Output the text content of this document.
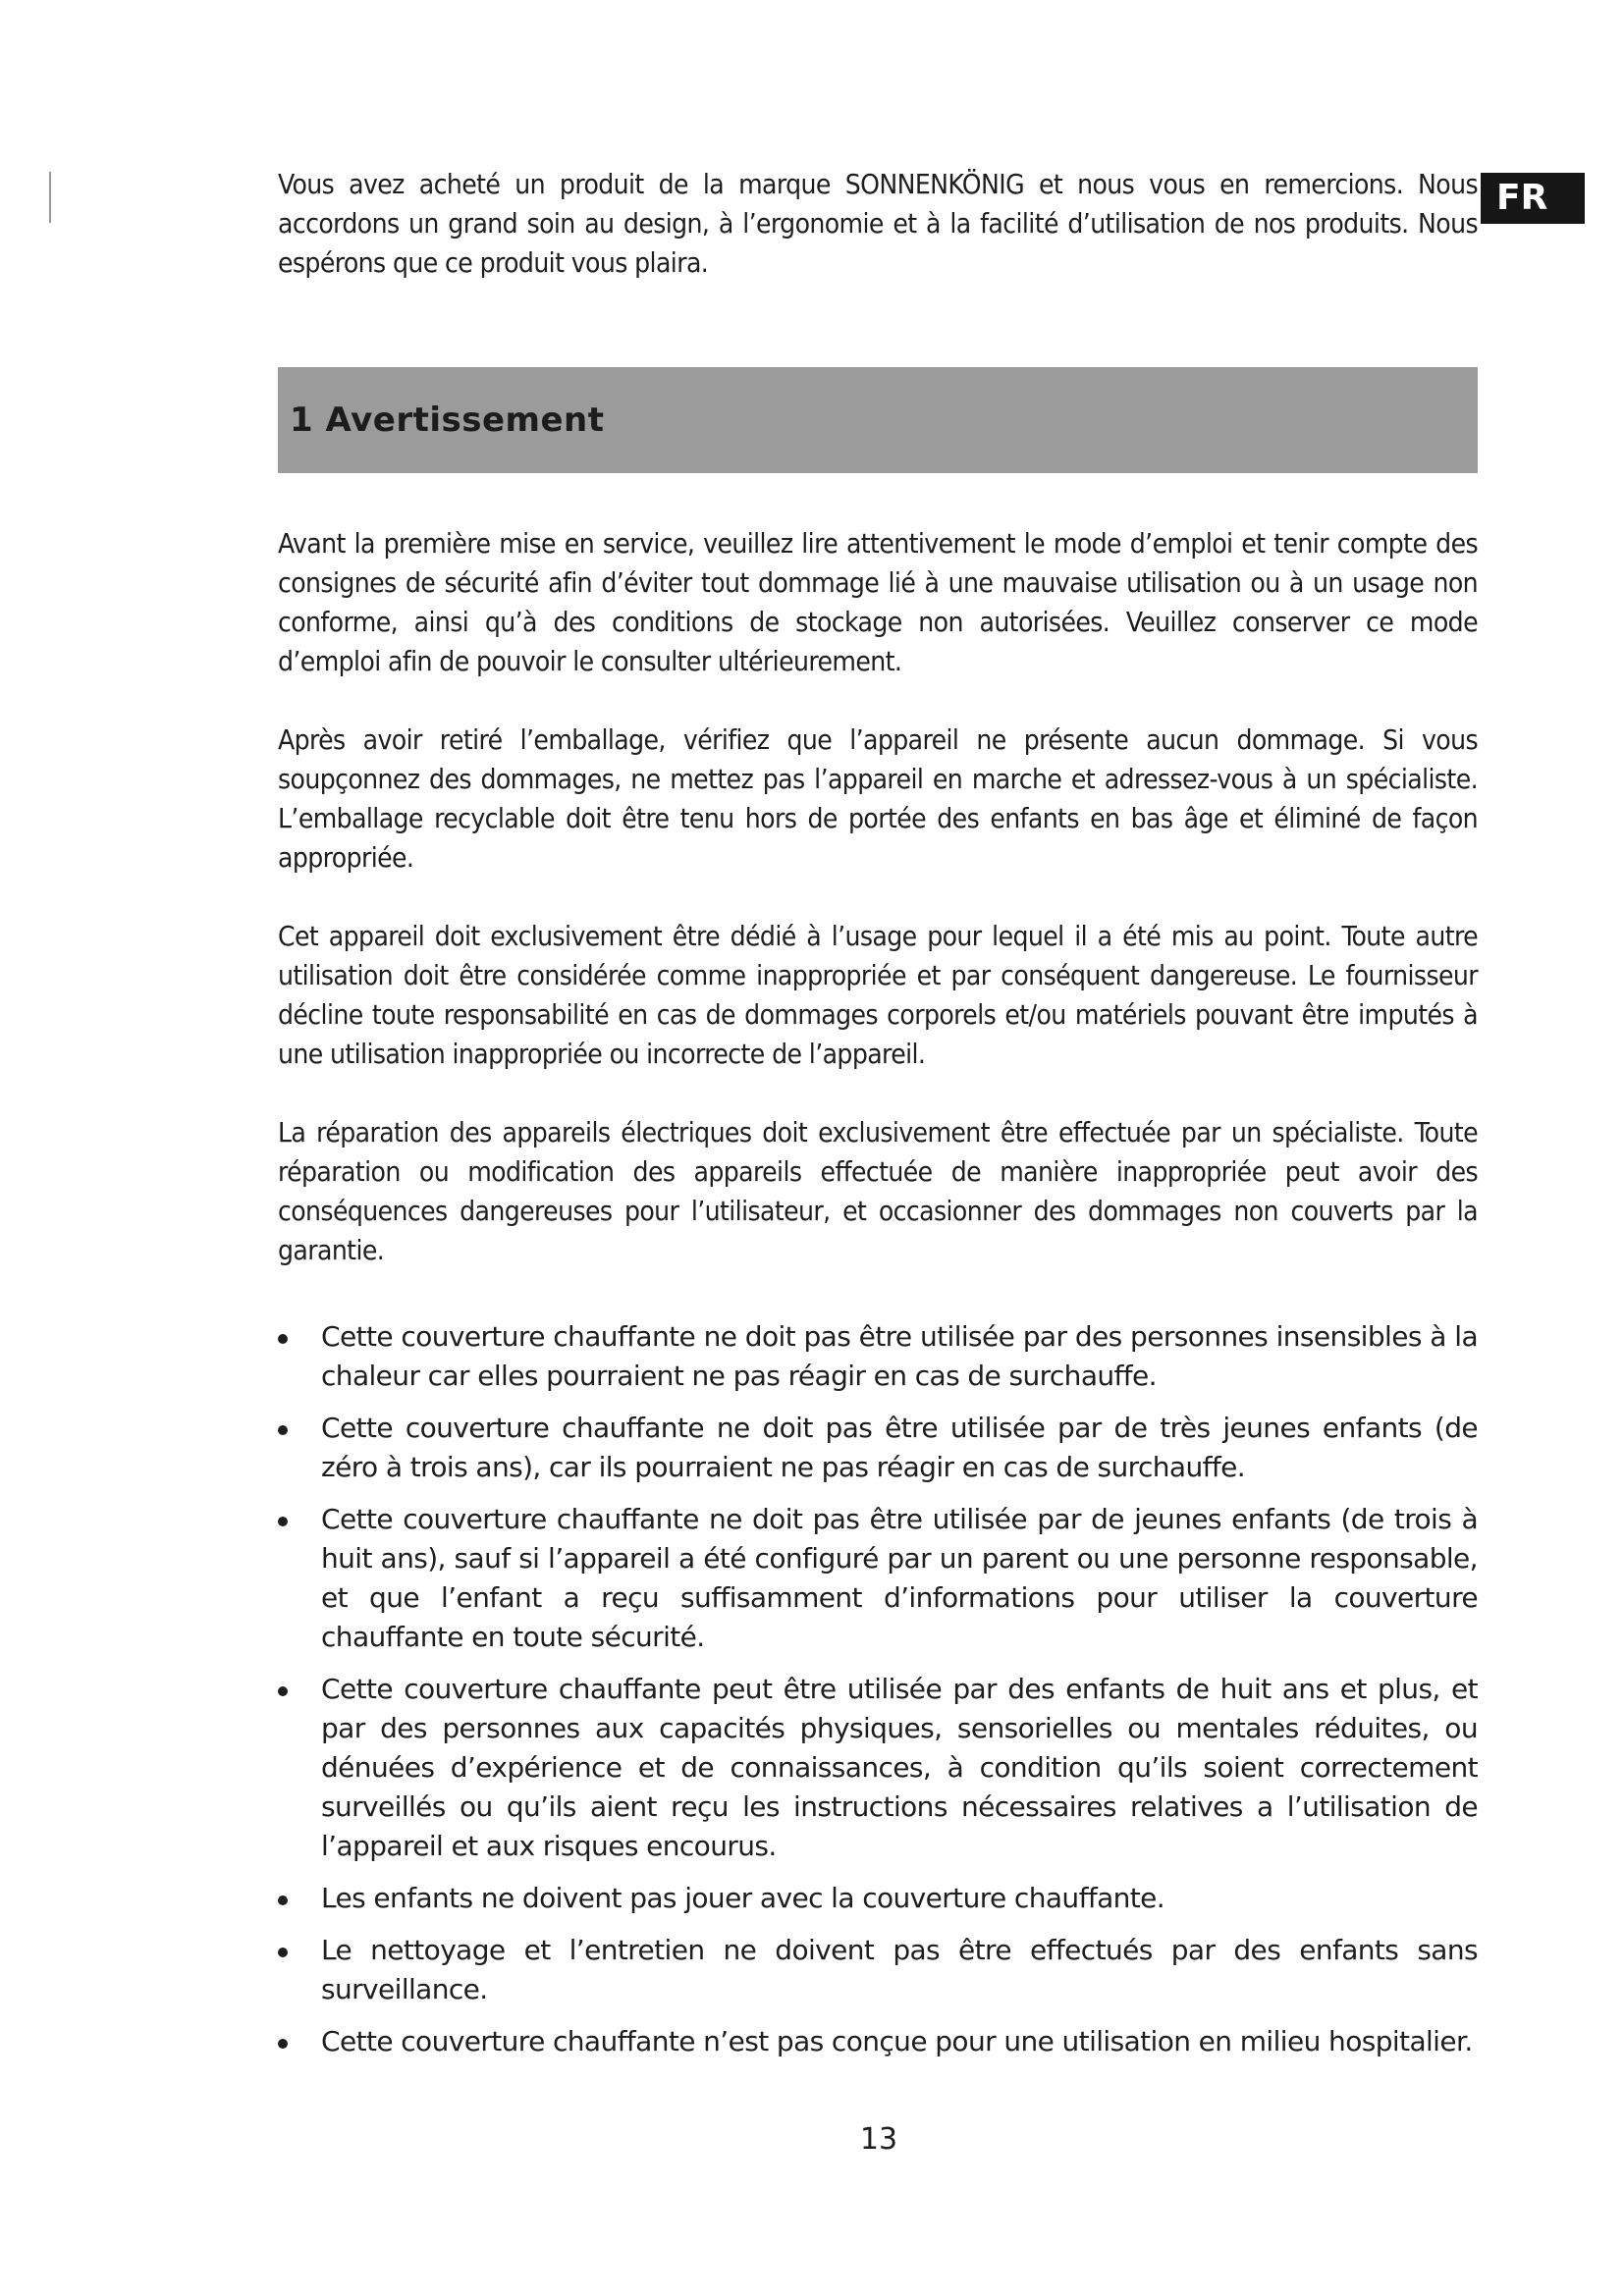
FR

Vous avez acheté un produit de la marque SONNENKÖNIG et nous vous en remercions. Nous accordons un grand soin au design, à l’ergonomie et à la facilité d’utilisation de nos produits. Nous espérons que ce produit vous plaira.

1 Avertissement

Avant la première mise en service, veuillez lire attentivement le mode d’emploi et tenir compte des consignes de sécurité afin d’éviter tout dommage lié à une mauvaise utilisation ou à un usage non conforme, ainsi qu’à des conditions de stockage non autorisées. Veuillez conserver ce mode d’emploi afin de pouvoir le consulter ultérieurement.

Après avoir retiré l’emballage, vérifiez que l’appareil ne présente aucun dommage. Si vous soupçonnez des dommages, ne mettez pas l’appareil en marche et adressez-vous à un spécialiste. L’emballage recyclable doit être tenu hors de portée des enfants en bas âge et éliminé de façon appropriée.

Cet appareil doit exclusivement être dédié à l’usage pour lequel il a été mis au point. Toute autre utilisation doit être considérée comme inappropriée et par conséquent dangereuse. Le fournisseur décline toute responsabilité en cas de dommages corporels et/ou matériels pouvant être imputés à une utilisation inappropriée ou incorrecte de l’appareil.

La réparation des appareils électriques doit exclusivement être effectuée par un spécialiste. Toute réparation ou modification des appareils effectuée de manière inappropriée peut avoir des conséquences dangereuses pour l’utilisateur, et occasionner des dommages non couverts par la garantie.

Cette couverture chauffante ne doit pas être utilisée par des personnes insensibles à la chaleur car elles pourraient ne pas réagir en cas de surchauffe.
Cette couverture chauffante ne doit pas être utilisée par de très jeunes enfants (de zéro à trois ans), car ils pourraient ne pas réagir en cas de surchauffe.
Cette couverture chauffante ne doit pas être utilisée par de jeunes enfants (de trois à huit ans), sauf si l’appareil a été configuré par un parent ou une personne responsable, et que l’enfant a reçu suffisamment d’informations pour utiliser la couverture chauffante en toute sécurité.
Cette couverture chauffante peut être utilisée par des enfants de huit ans et plus, et par des personnes aux capacités physiques, sensorielles ou mentales réduites, ou dénuées d’expérience et de connaissances, à condition qu’ils soient correctement surveillés ou qu’ils aient reçu les instructions nécessaires relatives a l’utilisation de l’appareil et aux risques encourus.
Les enfants ne doivent pas jouer avec la couverture chauffante.
Le nettoyage et l’entretien ne doivent pas être effectués par des enfants sans surveillance.
Cette couverture chauffante n’est pas conçue pour une utilisation en milieu hospitalier.
13
